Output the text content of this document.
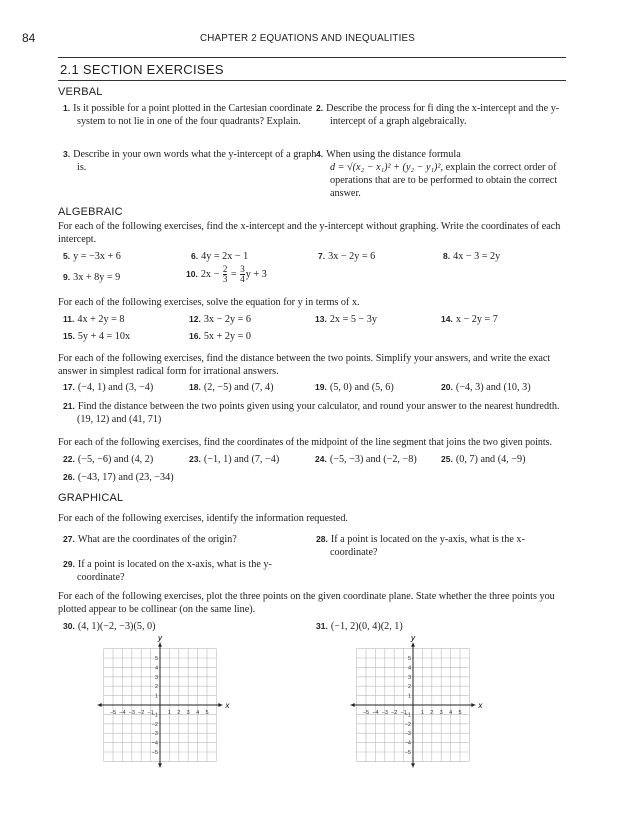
84	CHAPTER 2 EQUATIONS AND INEQUALITIES
2.1 SECTION EXERCISES
VERBAL
1. Is it possible for a point plotted in the Cartesian coordinate system to not lie in one of the four quadrants? Explain.
2. Describe the process for fi ding the x-intercept and the y-intercept of a graph algebraically.
3. Describe in your own words what the y-intercept of a graph is.
4. When using the distance formula
d = √(x₂ − x₁)² + (y₂ − y₁)², explain the correct order of operations that are to be performed to obtain the correct answer.
ALGEBRAIC
For each of the following exercises, find the x-intercept and the y-intercept without graphing. Write the coordinates of each intercept.
5. y = −3x + 6	6. 4y = 2x − 1	7. 3x − 2y = 6	8. 4x − 3 = 2y
9. 3x + 8y = 9	10. $2x - \frac{2}{3} = \frac{3}{4}$ y + 3
For each of the following exercises, solve the equation for y in terms of x.
11. 4x + 2y = 8	12. 3x − 2y = 6	13. 2x = 5 − 3y	14. x − 2y = 7
15. 5y + 4 = 10x	16. 5x + 2y = 0
For each of the following exercises, find the distance between the two points. Simplify your answers, and write the exact answer in simplest radical form for irrational answers.
17. (−4, 1) and (3, −4)	18. (2, −5) and (7, 4)	19. (5, 0) and (5, 6)	20. (−4, 3) and (10, 3)
21. Find the distance between the two points given using your calculator, and round your answer to the nearest hundredth. (19, 12) and (41, 71)
For each of the following exercises, find the coordinates of the midpoint of the line segment that joins the two given points.
22. (−5, −6) and (4, 2)	23. (−1, 1) and (7, −4)	24. (−5, −3) and (−2, −8)	25. (0, 7) and (4, −9)
26. (−43, 17) and (23, −34)
GRAPHICAL
For each of the following exercises, identify the information requested.
27. What are the coordinates of the origin?	28. If a point is located on the y-axis, what is the x-coordinate?
29. If a point is located on the x-axis, what is the y-coordinate?
For each of the following exercises, plot the three points on the given coordinate plane. State whether the three points you plotted appear to be collinear (on the same line).
30. (4, 1)(−2, −3)(5, 0)	31. (−1, 2)(0, 4)(2, 1)
x
y
−5 −4 −3 −2 −1	1 2 3 4 5
5
4
3
2
1
−1
−2
−3
−4
−5
x
y
−5 −4 −3 −2 −1	1 2 3 4 5
5
4
3
2
1
−1
−2
−3
−4
−5
